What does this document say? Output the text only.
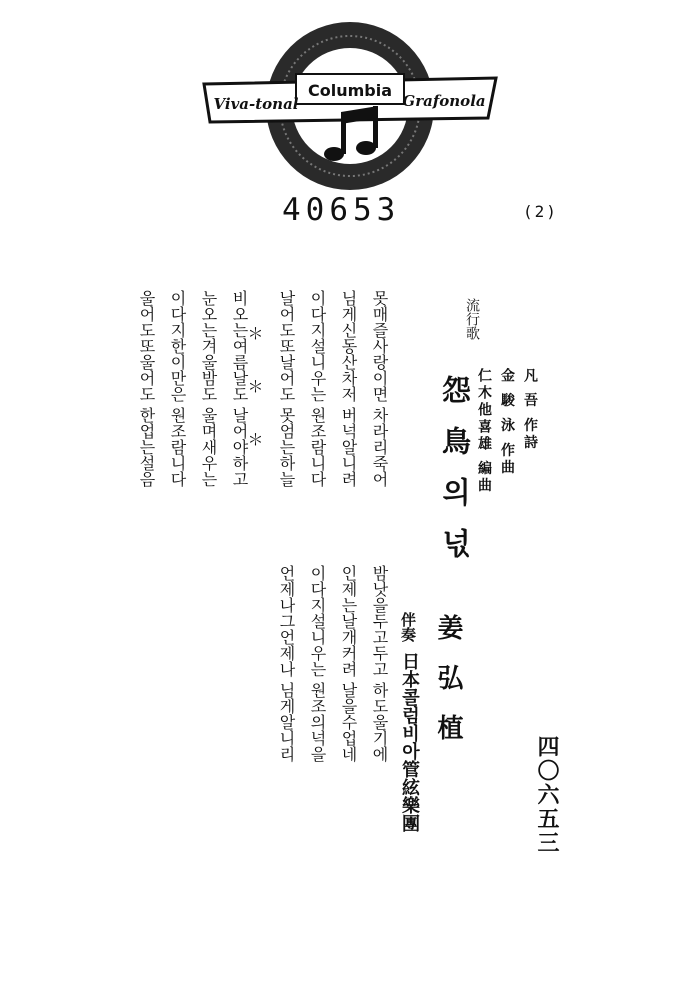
Viva-tonal
Columbia
Grafonola
40653	(2)
四〇六五三
流行歌
怨鳥의넋	凡 吾 作詩
金 駿 泳 作曲
仁木他喜雄 編曲
姜弘植
伴奏
日本콜럼비아管絃樂團
못매즐사랑이면 차라리죽어
님게신동산차저 버넉알니려
이다지설니우는 원조람니다
날어도또날어도 못엄는하늘
밤낫을두고두고 하도울기에
인제는날개커려 날을수업네
이다지설니우는 원조의넉을
언제나그언제나 님게알니리
＊ ＊ ＊
비오는여름날도 날어야하고
눈오는겨울밤도 울며새우는
이다지한이만은 원조람니다
울어도또울어도 한업는설음
